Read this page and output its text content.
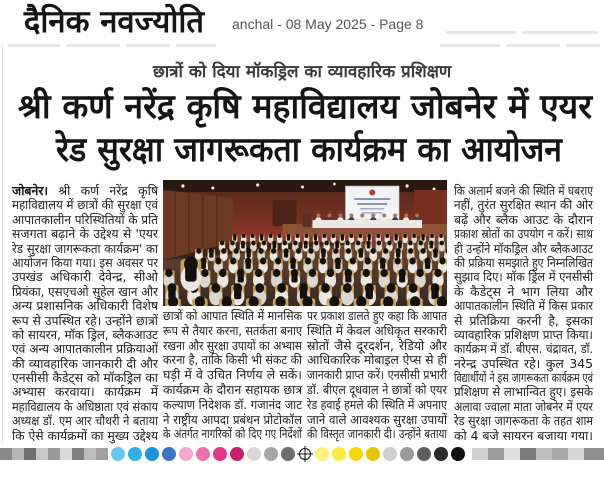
दैनिक नवज्योति	anchal - 08 May 2025 - Page 8
छात्रों को दिया मॉकड्रिल का व्यावहारिक प्रशिक्षण
श्री कर्ण नरेंद्र कृषि महाविद्यालय जोबनेर में एयर
रेड सुरक्षा जागरूकता कार्यक्रम का आयोजन
जोबनेर। श्री कर्ण नरेंद्र कृषि
महाविद्यालय में छात्रों की सुरक्षा एवं
आपातकालीन परिस्थितियों के प्रति
सजगता बढ़ाने के उद्देश्य से 'एयर
रेड सुरक्षा जागरूकता कार्यक्रम' का
आयोजन किया गया। इस अवसर पर
उपखंड अधिकारी देवेन्द्र, सीओ
प्रियंका, एसएचओ सुहेल खान और
अन्य प्रशासनिक अधिकारी विशेष
रूप से उपस्थित रहे। उन्होंने छात्रों
को सायरन, मॉक ड्रिल, ब्लैकआउट
एवं अन्य आपातकालीन प्रक्रियाओं
की व्यावहारिक जानकारी दी और
एनसीसी कैडेट्स को मॉकड्रिल का
अभ्यास करवाया। कार्यक्रम में
महाविद्यालय के अधिष्ठाता एवं संकाय
अध्यक्ष डॉ. एम आर चौधरी ने बताया
कि ऐसे कार्यक्रमों का मुख्य उद्देश्य
छात्रों को आपात स्थिति में मानसिक
रूप से तैयार करना, सतर्कता बनाए
रखना और सुरक्षा उपायों का अभ्यास
करना है, ताकि किसी भी संकट की
घड़ी में वे उचित निर्णय ले सकें।
कार्यक्रम के दौरान सहायक छात्र
कल्याण निदेशक डॉ. गजानंद जाट
ने राष्ट्रीय आपदा प्रबंधन प्रोटोकॉल
के अंतर्गत नागरिकों को दिए गए निर्देशों
पर प्रकाश डालते हुए कहा कि आपात
स्थिति में केवल अधिकृत सरकारी
स्रोतों जैसे दूरदर्शन, रेडियो और
आधिकारिक मोबाइल ऐप्स से ही
जानकारी प्राप्त करें। एनसीसी प्रभारी
डॉ. बीएल दूधवाल ने छात्रों को एयर
रेड हवाई हमले की स्थिति में अपनाए
जाने वाले आवश्यक सुरक्षा उपायों
की विस्तृत जानकारी दी। उन्होंने बताया
कि अलार्म बजने की स्थिति में घबराए
नहीं, तुरंत सुरक्षित स्थान की ओर
बढ़ें और ब्लैक आउट के दौरान
प्रकाश स्रोतों का उपयोग न करें। साथ
ही उन्होंने मॉकड्रिल और ब्लैकआउट
की प्रक्रिया समझाते हुए निम्नलिखित
सुझाव दिए। मॉक ड्रिल में एनसीसी
के कैडेट्स ने भाग लिया और
आपातकालीन स्थिति में किस प्रकार
से प्रतिक्रिया करनी है, इसका
व्यावहारिक प्रशिक्षण प्राप्त किया।
कार्यक्रम में डॉ. बीएस. चंद्रावत, डॉ.
नरेन्द्र उपस्थित रहे। कुल 345
विद्यार्थीयों ने इस जागरूकता कार्यक्रम एवं
प्रशिक्षण से लाभान्वित हुए। इसके
अलावा ज्वाला माता जोबनेर में एयर
रेड सुरक्षा जागरूकता के तहत शाम
को 4 बजे सायरन बजाया गया।
